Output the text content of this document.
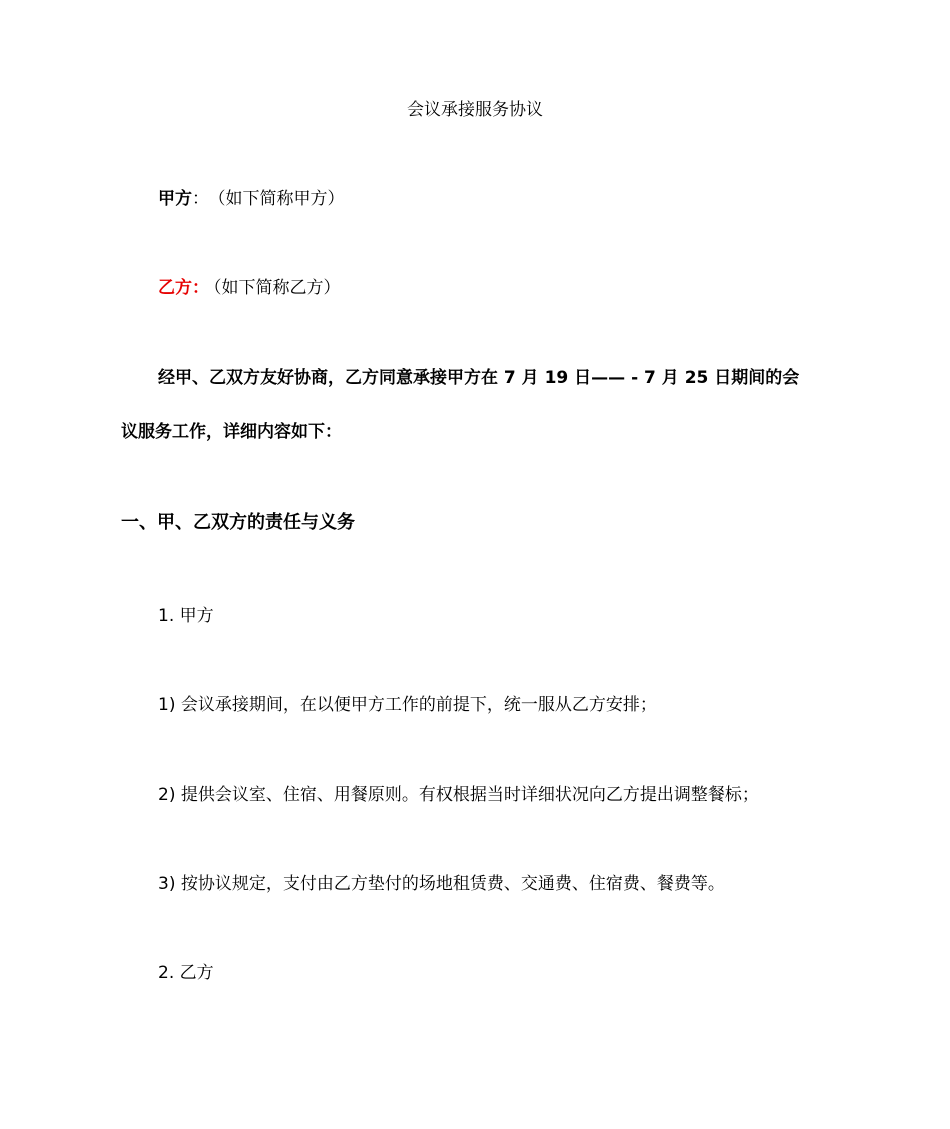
会议承接服务协议
甲方： （如下简称甲方）
乙方： （如下简称乙方）
经甲、乙双方友好协商，乙方同意承接甲方在 7 月 19 日—— - 7 月 25 日期间的会
议服务工作，详细内容如下：
一、甲、乙双方的责任与义务
1. 甲方
1) 会议承接期间，在以便甲方工作的前提下，统一服从乙方安排；
2) 提供会议室、住宿、用餐原则。有权根据当时详细状况向乙方提出调整餐标；
3) 按协议规定，支付由乙方垫付的场地租赁费、交通费、住宿费、餐费等。
2. 乙方
